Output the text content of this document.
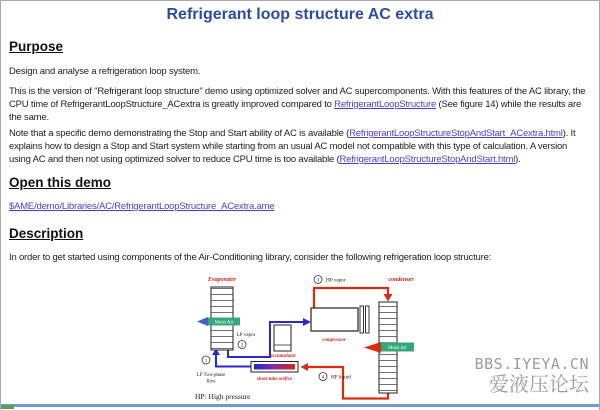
Refrigerant loop structure AC extra
Purpose
Design and analyse a refrigeration loop system.
This is the version of "Refrigerant loop structure" demo using optimized solver and AC supercomponents. With this features of the AC library, the CPU time of RefrigerantLoopStructure_ACextra is greatly improved compared to RefrigerantLoopStructure (See figure 14) while the results are the same.
Note that a specific demo demonstrating the Stop and Start ability of AC is available (RefrigerantLoopStructureStopAndStart_ACextra.html). It explains how to design a Stop and Start system while starting from an usual AC model not compatible with this type of calculation. A version using AC and then not using optimized solver to reduce CPU time is too available (RefrigerantLoopStructureStopAndStart.html).
Open this demo
$AME/demo/Libraries/AC/RefrigerantLoopStructure_ACextra.ame
Description
In order to get started using components of the Air-Conditioning library, consider the following refrigeration loop structure:
Evaporator
Moist Air
accumulator
compressor
condenser
Moist Air
short tube orifice
1
LP Two-phase
flow
LP vapor
2
3 HP vapor
4 HP liquid
HP: High pressure
BBS.IYEYA.CN
爱液压论坛
